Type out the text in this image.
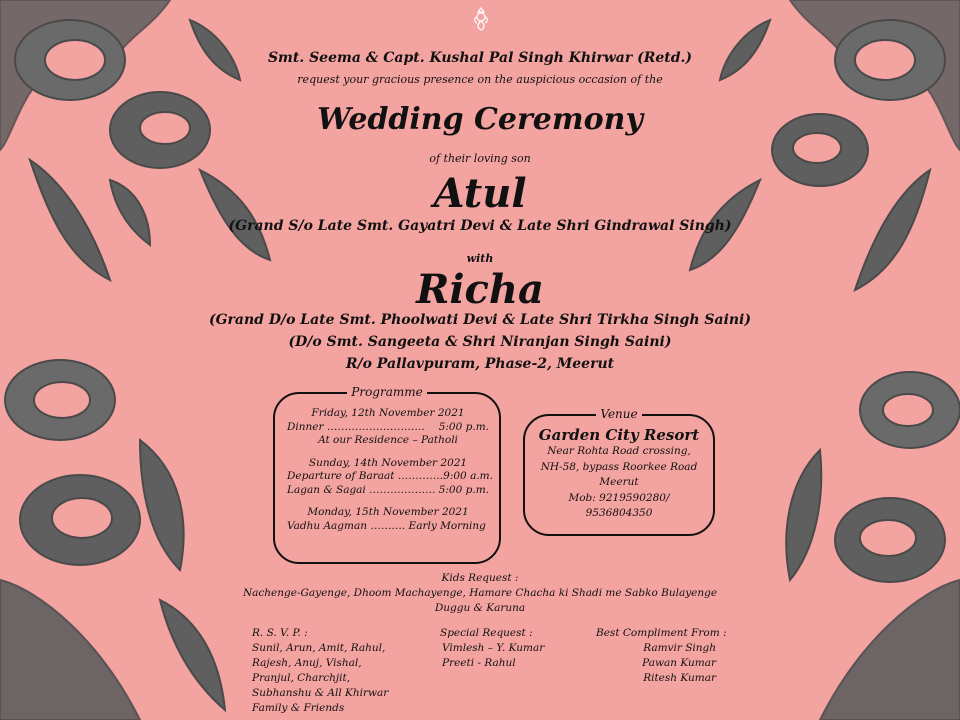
Smt. Seema & Capt. Kushal Pal Singh Khirwar (Retd.)
request your gracious presence on the auspicious occasion of the
Wedding Ceremony
of their loving son
Atul
(Grand S/o Late Smt. Gayatri Devi & Late Shri Gindrawal Singh)
with
Richa
(Grand D/o Late Smt. Phoolwati Devi & Late Shri Tirkha Singh Saini)
(D/o Smt. Sangeeta & Shri Niranjan Singh Saini)
R/o Pallavpuram, Phase-2, Meerut
Programme
Friday, 12th November 2021
Dinner ………………………. 5:00 p.m.
At our Residence – Patholi
Sunday, 14th November 2021
Departure of Baraat …………. 9:00 a.m.
Lagan & Sagai ………………. 5:00 p.m.
Monday, 15th November 2021
Vadhu Aagman ………. Early Morning
Venue
Garden City Resort
Near Rohta Road crossing,
NH-58, bypass Roorkee Road
Meerut
Mob: 9219590280/
9536804350
Kids Request :
Nachenge-Gayenge, Dhoom Machayenge, Hamare Chacha ki Shadi me Sabko Bulayenge
Duggu & Karuna
R. S. V. P. :
Sunil, Arun, Amit, Rahul,
Rajesh, Anuj, Vishal,
Pranjul, Charchjit,
Subhanshu & All Khirwar
Family & Friends
Special Request :
Vimlesh – Y. Kumar
Preeti - Rahul
Best Compliment From :
Ramvir Singh
Pawan Kumar
Ritesh Kumar
